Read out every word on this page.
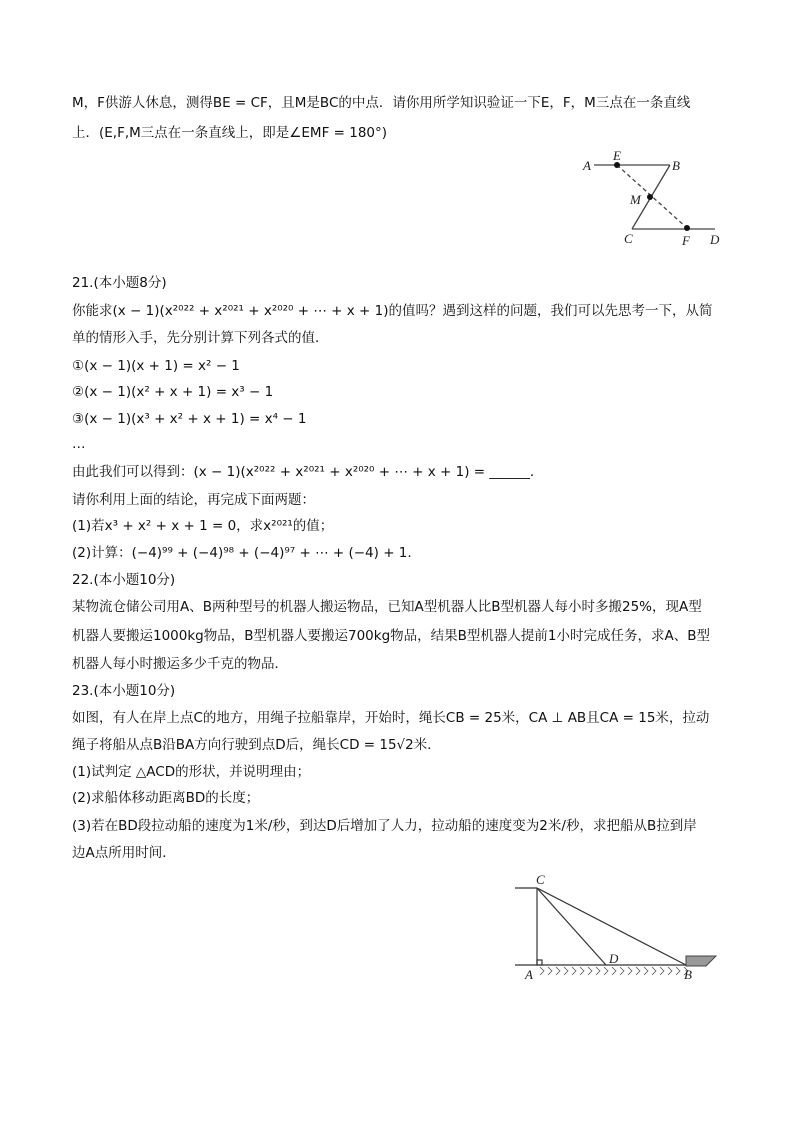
M，F供游人休息，测得BE = CF，且M是BC的中点．请你用所学知识验证一下E，F，M三点在一条直线
上．(E,F,M三点在一条直线上，即是∠EMF = 180°)
A
E
B
M
C	F D
C
A
D
B
21.(本小题8分)
你能求(x − 1)(x²⁰²² + x²⁰²¹ + x²⁰²⁰ + ⋯ + x + 1)的值吗？遇到这样的问题，我们可以先思考一下，从简
单的情形入手，先分别计算下列各式的值．
①(x − 1)(x + 1) = x² − 1
②(x − 1)(x² + x + 1) = x³ − 1
③(x − 1)(x³ + x² + x + 1) = x⁴ − 1
…
由此我们可以得到：(x − 1)(x²⁰²² + x²⁰²¹ + x²⁰²⁰ + ⋯ + x + 1) = ______．
请你利用上面的结论，再完成下面两题：
(1)若x³ + x² + x + 1 = 0，求x²⁰²¹的值；
(2)计算：(−4)⁹⁹ + (−4)⁹⁸ + (−4)⁹⁷ + ⋯ + (−4) + 1.
22.(本小题10分)
某物流仓储公司用A、B两种型号的机器人搬运物品，已知A型机器人比B型机器人每小时多搬25%，现A型
机器人要搬运1000kg物品，B型机器人要搬运700kg物品，结果B型机器人提前1小时完成任务，求A、B型
机器人每小时搬运多少千克的物品．
23.(本小题10分)
如图，有人在岸上点C的地方，用绳子拉船靠岸，开始时，绳长CB = 25米，CA ⊥ AB且CA = 15米，拉动
绳子将船从点B沿BA方向行驶到点D后，绳长CD = 15√2米．
(1)试判定 △ACD的形状，并说明理由；
(2)求船体移动距离BD的长度；
(3)若在BD段拉动船的速度为1米/秒，到达D后增加了人力，拉动船的速度变为2米/秒，求把船从B拉到岸
边A点所用时间．
